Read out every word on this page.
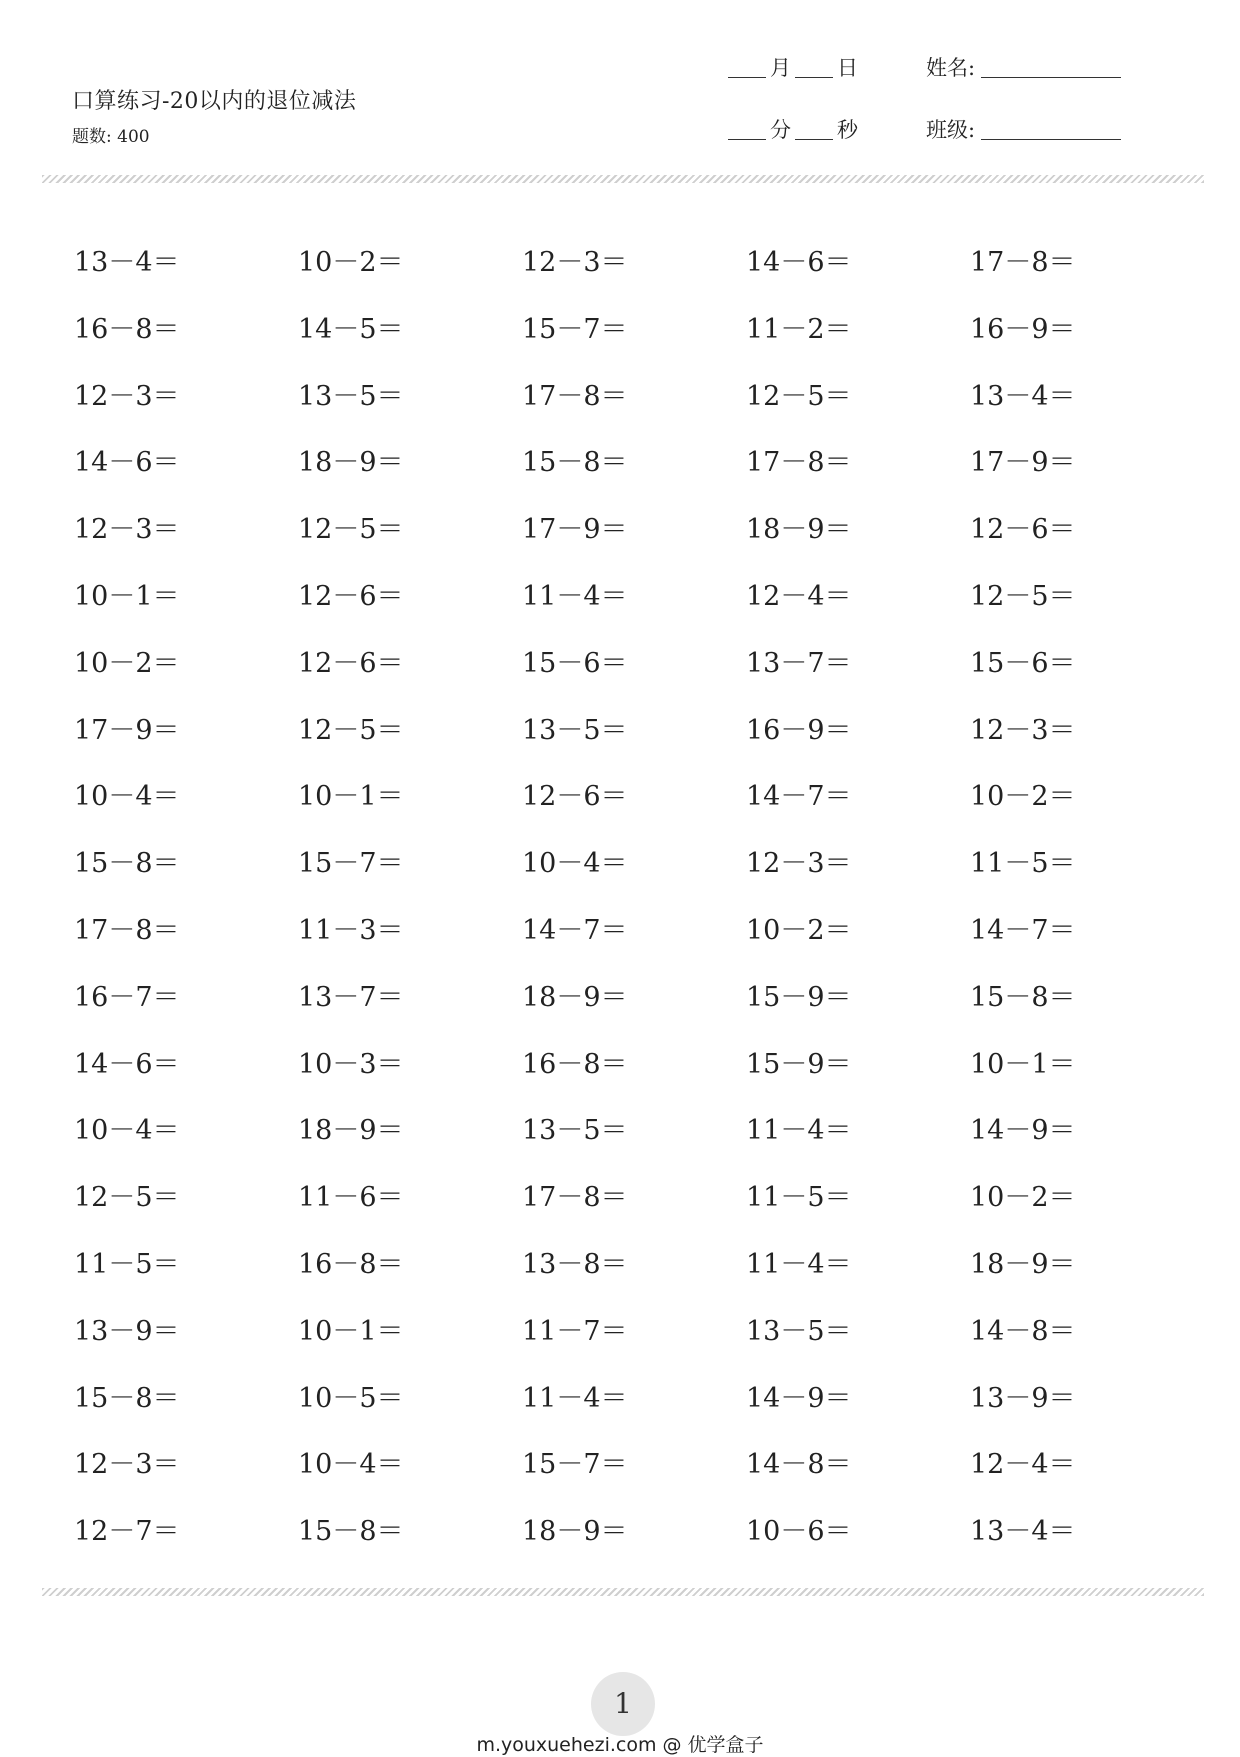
口算练习-20以内的退位减法
题数: 400
月 日	姓名:
分 秒	班级:
13－4＝	10－2＝	12－3＝	14－6＝	17－8＝
16－8＝	14－5＝	15－7＝	11－2＝	16－9＝
12－3＝	13－5＝	17－8＝	12－5＝	13－4＝
14－6＝	18－9＝	15－8＝	17－8＝	17－9＝
12－3＝	12－5＝	17－9＝	18－9＝	12－6＝
10－1＝	12－6＝	11－4＝	12－4＝	12－5＝
10－2＝	12－6＝	15－6＝	13－7＝	15－6＝
17－9＝	12－5＝	13－5＝	16－9＝	12－3＝
10－4＝	10－1＝	12－6＝	14－7＝	10－2＝
15－8＝	15－7＝	10－4＝	12－3＝	11－5＝
17－8＝	11－3＝	14－7＝	10－2＝	14－7＝
16－7＝	13－7＝	18－9＝	15－9＝	15－8＝
14－6＝	10－3＝	16－8＝	15－9＝	10－1＝
10－4＝	18－9＝	13－5＝	11－4＝	14－9＝
12－5＝	11－6＝	17－8＝	11－5＝	10－2＝
11－5＝	16－8＝	13－8＝	11－4＝	18－9＝
13－9＝	10－1＝	11－7＝	13－5＝	14－8＝
15－8＝	10－5＝	11－4＝	14－9＝	13－9＝
12－3＝	10－4＝	15－7＝	14－8＝	12－4＝
12－7＝	15－8＝	18－9＝	10－6＝	13－4＝
1
m.youxuehezi.com @ 优学盒子
